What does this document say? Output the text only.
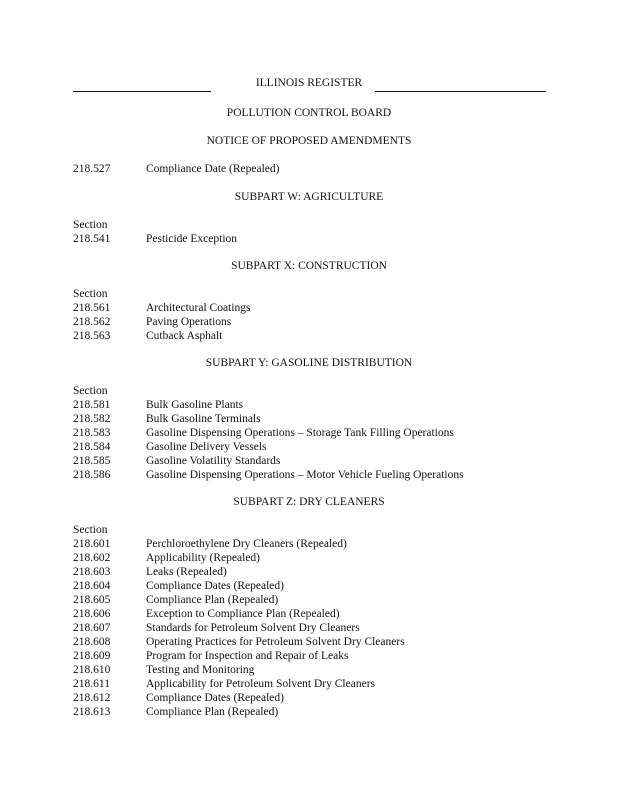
ILLINOIS REGISTER
POLLUTION CONTROL BOARD
NOTICE OF PROPOSED AMENDMENTS
218.527	Compliance Date (Repealed)
SUBPART W: AGRICULTURE
Section
218.541	Pesticide Exception
SUBPART X: CONSTRUCTION
Section
218.561	Architectural Coatings
218.562	Paving Operations
218.563	Cutback Asphalt
SUBPART Y: GASOLINE DISTRIBUTION
Section
218.581	Bulk Gasoline Plants
218.582	Bulk Gasoline Terminals
218.583	Gasoline Dispensing Operations – Storage Tank Filling Operations
218.584	Gasoline Delivery Vessels
218.585	Gasoline Volatility Standards
218.586	Gasoline Dispensing Operations – Motor Vehicle Fueling Operations
SUBPART Z: DRY CLEANERS
Section
218.601	Perchloroethylene Dry Cleaners (Repealed)
218.602	Applicability (Repealed)
218.603	Leaks (Repealed)
218.604	Compliance Dates (Repealed)
218.605	Compliance Plan (Repealed)
218.606	Exception to Compliance Plan (Repealed)
218.607	Standards for Petroleum Solvent Dry Cleaners
218.608	Operating Practices for Petroleum Solvent Dry Cleaners
218.609	Program for Inspection and Repair of Leaks
218.610	Testing and Monitoring
218.611	Applicability for Petroleum Solvent Dry Cleaners
218.612	Compliance Dates (Repealed)
218.613	Compliance Plan (Repealed)
